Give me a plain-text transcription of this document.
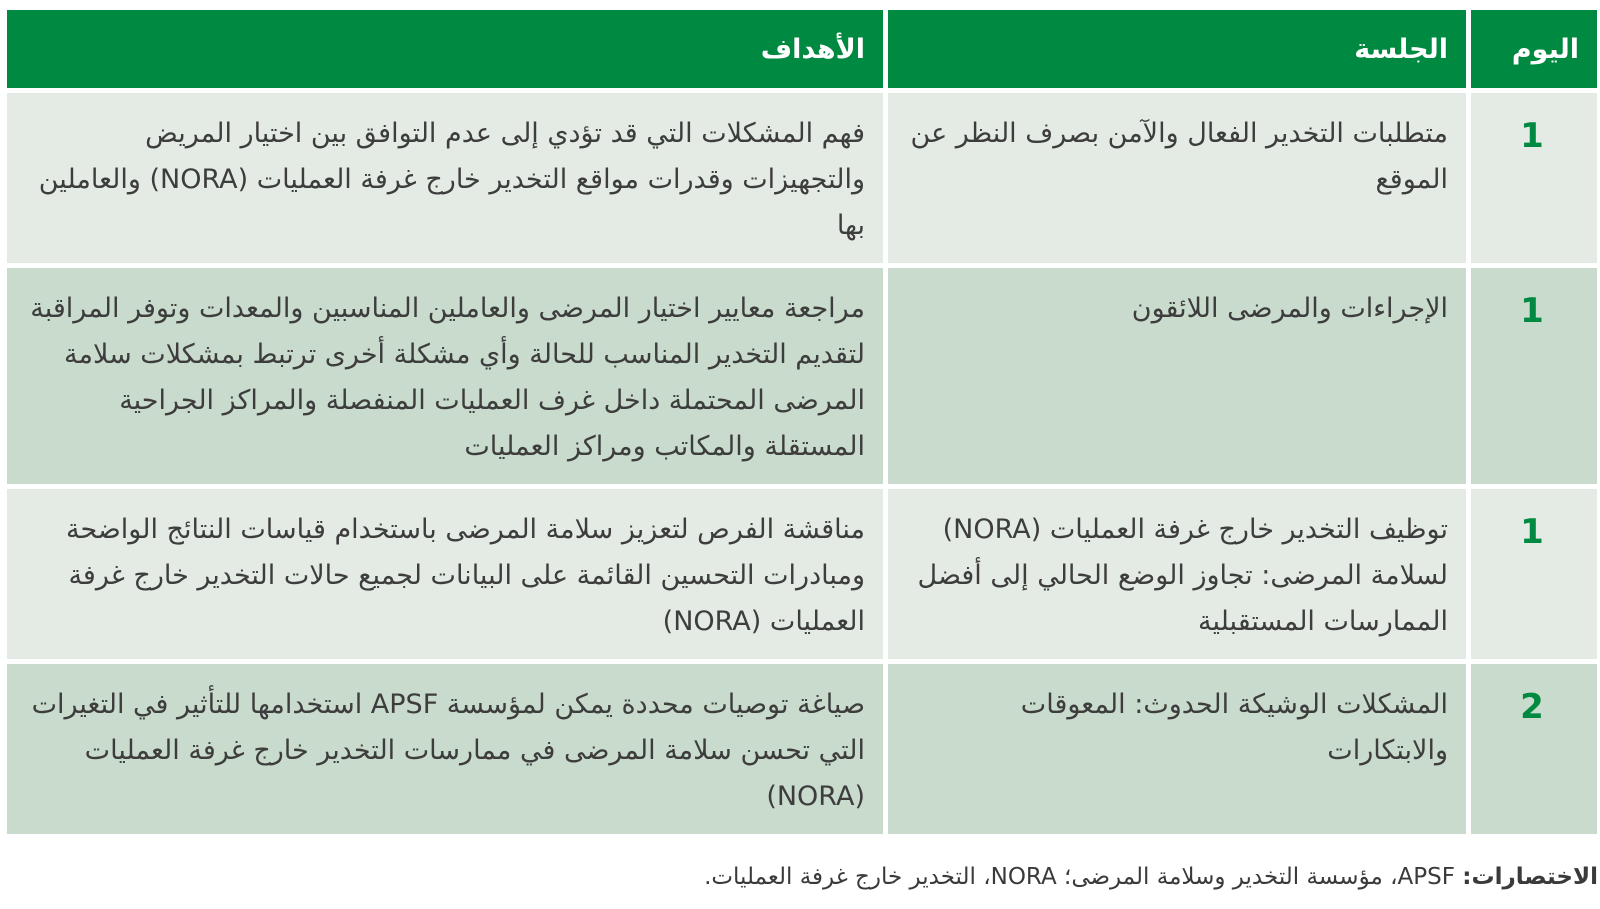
اليوم	الجلسة	الأهداف
1	متطلبات التخدير الفعال والآمن بصرف النظر عن الموقع	فهم المشكلات التي قد تؤدي إلى عدم التوافق بين اختيار المريض والتجهيزات وقدرات مواقع التخدير خارج غرفة العمليات (NORA) والعاملين بها
1	الإجراءات والمرضى اللائقون	مراجعة معايير اختيار المرضى والعاملين المناسبين والمعدات وتوفر المراقبة لتقديم التخدير المناسب للحالة وأي مشكلة أخرى ترتبط بمشكلات سلامة المرضى المحتملة داخل غرف العمليات المنفصلة والمراكز الجراحية المستقلة والمكاتب ومراكز العمليات
1	توظيف التخدير خارج غرفة العمليات (NORA) لسلامة المرضى: تجاوز الوضع الحالي إلى أفضل الممارسات المستقبلية	مناقشة الفرص لتعزيز سلامة المرضى باستخدام قياسات النتائج الواضحة ومبادرات التحسين القائمة على البيانات لجميع حالات التخدير خارج غرفة العمليات (NORA)
2	المشكلات الوشيكة الحدوث: المعوقات والابتكارات	صياغة توصيات محددة يمكن لمؤسسة APSF استخدامها للتأثير في التغيرات التي تحسن سلامة المرضى في ممارسات التخدير خارج غرفة العمليات (NORA)
الاختصارات: APSF، مؤسسة التخدير وسلامة المرضى؛ NORA، التخدير خارج غرفة العمليات.
